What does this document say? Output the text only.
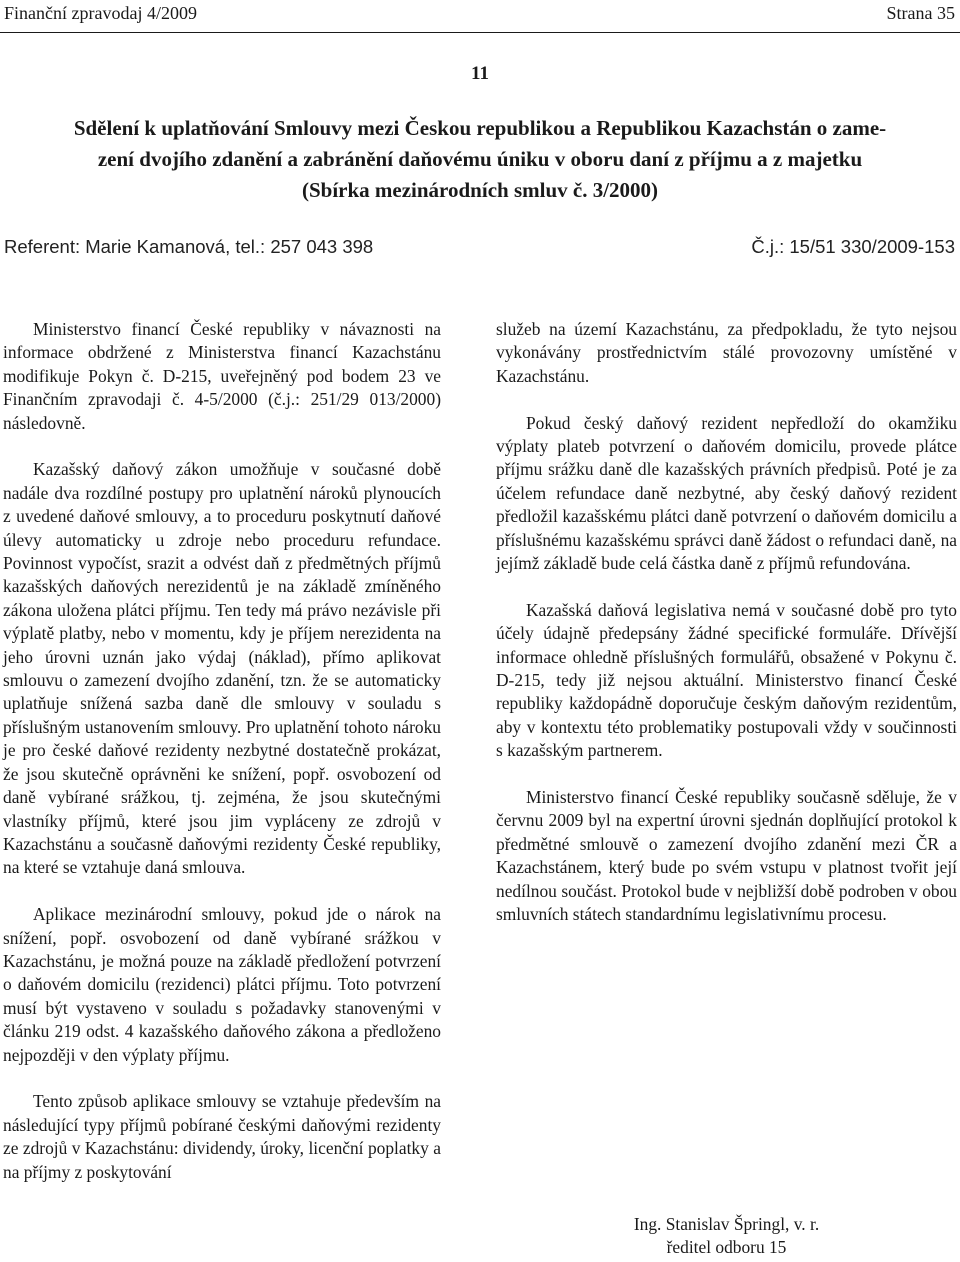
Finanční zpravodaj 4/2009	Strana 35
11
Sdělení k uplatňování Smlouvy mezi Českou republikou a Republikou Kazachstán o zame-
zení dvojího zdanění a zabránění daňovému úniku v oboru daní z příjmu a z majetku
(Sbírka mezinárodních smluv č. 3/2000)
Referent: Marie Kamanová, tel.: 257 043 398	Č.j.: 15/51 330/2009-153

Ministerstvo financí České republiky v návaznosti na informace obdržené z Ministerstva financí Kazachstánu modifikuje Pokyn č. D-215, uveřejněný pod bodem 23 ve Finančním zpravodaji č. 4-5/2000 (č.j.: 251/29 013/2000) následovně.

Kazašský daňový zákon umožňuje v současné době nadále dva rozdílné postupy pro uplatnění nároků plynoucích z uvedené daňové smlouvy, a to proceduru poskytnutí daňové úlevy automaticky u zdroje nebo proceduru refundace. Povinnost vypočíst, srazit a odvést daň z předmětných příjmů kazašských daňových nerezidentů je na základě zmíněného zákona uložena plátci příjmu. Ten tedy má právo nezávisle při výplatě platby, nebo v momentu, kdy je příjem nerezidenta na jeho úrovni uznán jako výdaj (náklad), přímo aplikovat smlouvu o zamezení dvojího zdanění, tzn. že se automaticky uplatňuje snížená sazba daně dle smlouvy v souladu s příslušným ustanovením smlouvy. Pro uplatnění tohoto nároku je pro české daňové rezidenty nezbytné dostatečně prokázat, že jsou skutečně oprávněni ke snížení, popř. osvobození od daně vybírané srážkou, tj. zejména, že jsou skutečnými vlastníky příjmů, které jsou jim vypláceny ze zdrojů v Kazachstánu a současně daňovými rezidenty České republiky, na které se vztahuje daná smlouva.

Aplikace mezinárodní smlouvy, pokud jde o nárok na snížení, popř. osvobození od daně vybírané srážkou v Kazachstánu, je možná pouze na základě předložení potvrzení o daňovém domicilu (rezidenci) plátci příjmu. Toto potvrzení musí být vystaveno v souladu s požadavky stanovenými v článku 219 odst. 4 kazašského daňového zákona a předloženo nejpozději v den výplaty příjmu.

Tento způsob aplikace smlouvy se vztahuje především na následující typy příjmů pobírané českými daňovými rezidenty ze zdrojů v Kazachstánu: dividendy, úroky, licenční poplatky a na příjmy z poskytování

služeb na území Kazachstánu, za předpokladu, že tyto nejsou vykonávány prostřednictvím stálé provozovny umístěné v Kazachstánu.

Pokud český daňový rezident nepředloží do okamžiku výplaty plateb potvrzení o daňovém domicilu, provede plátce příjmu srážku daně dle kazašských právních předpisů. Poté je za účelem refundace daně nezbytné, aby český daňový rezident předložil kazašskému plátci daně potvrzení o daňovém domicilu a příslušnému kazašskému správci daně žádost o refundaci daně, na jejímž základě bude celá částka daně z příjmů refundována.

Kazašská daňová legislativa nemá v současné době pro tyto účely údajně předepsány žádné specifické formuláře. Dřívější informace ohledně příslušných formulářů, obsažené v Pokynu č. D-215, tedy již nejsou aktuální. Ministerstvo financí České republiky každopádně doporučuje českým daňovým rezidentům, aby v kontextu této problematiky postupovali vždy v součinnosti s kazašským partnerem.

Ministerstvo financí České republiky současně sděluje, že v červnu 2009 byl na expertní úrovni sjednán doplňující protokol k předmětné smlouvě o zamezení dvojího zdanění mezi ČR a Kazachstánem, který bude po svém vstupu v platnost tvořit její nedílnou součást. Protokol bude v nejbližší době podroben v obou smluvních státech standardnímu legislativnímu procesu.

Ing. Stanislav Špringl, v. r.
ředitel odboru 15
